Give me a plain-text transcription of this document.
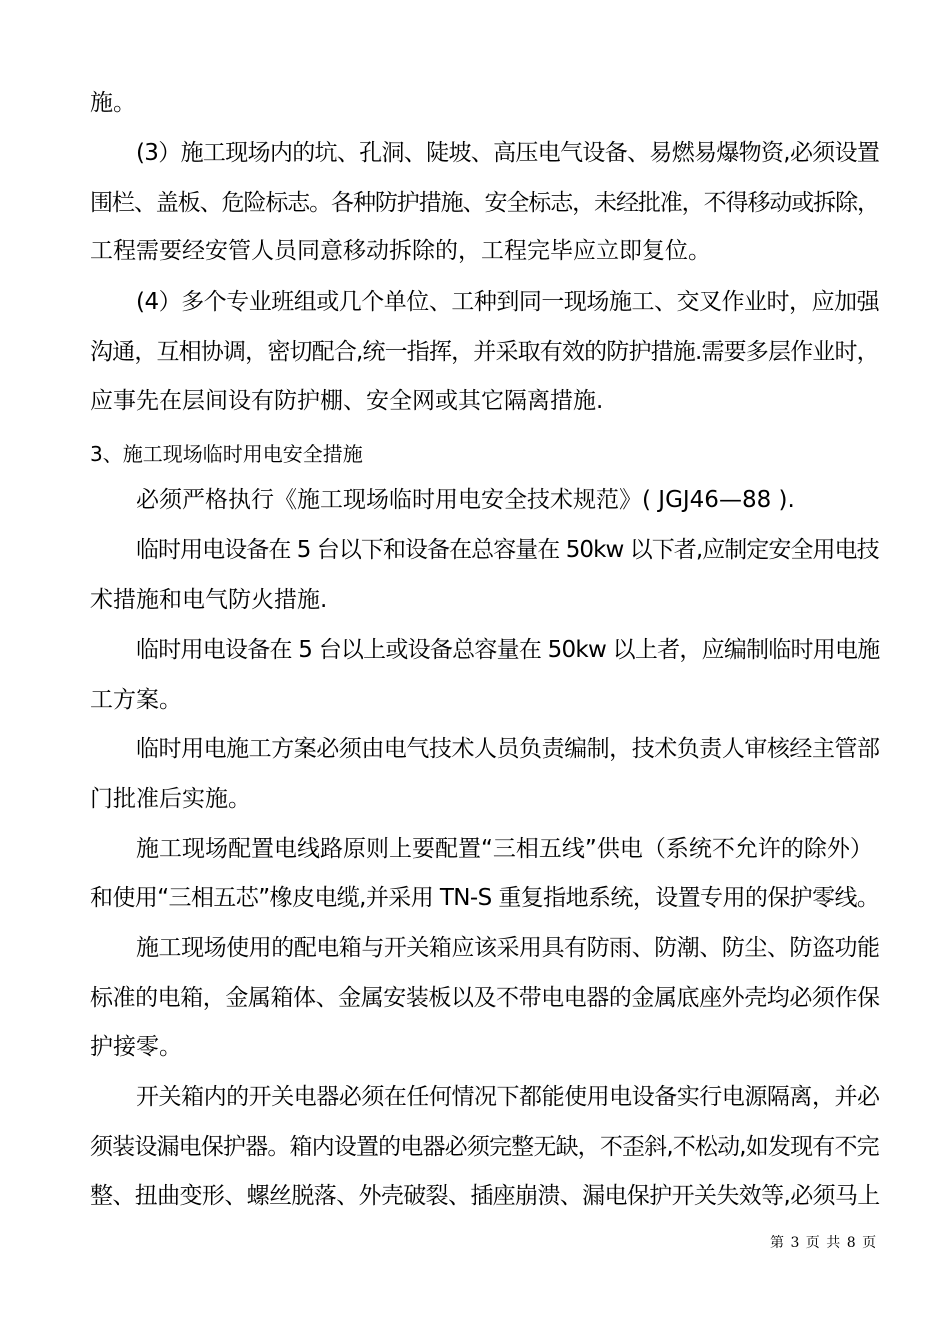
施。
(3）施工现场内的坑、孔洞、陡坡、高压电气设备、易燃易爆物资,必须设置
围栏、盖板、危险标志。各种防护措施、安全标志，未经批准，不得移动或拆除，
工程需要经安管人员同意移动拆除的，工程完毕应立即复位。
(4）多个专业班组或几个单位、工种到同一现场施工、交叉作业时，应加强
沟通，互相协调，密切配合,统一指挥，并采取有效的防护措施.需要多层作业时，
应事先在层间设有防护棚、安全网或其它隔离措施.
3、施工现场临时用电安全措施
必须严格执行《施工现场临时用电安全技术规范》( JGJ46—88 ).
临时用电设备在 5 台以下和设备在总容量在 50kw 以下者,应制定安全用电技
术措施和电气防火措施.
临时用电设备在 5 台以上或设备总容量在 50kw 以上者，应编制临时用电施
工方案。
临时用电施工方案必须由电气技术人员负责编制，技术负责人审核经主管部
门批准后实施。
施工现场配置电线路原则上要配置“三相五线”供电（系统不允许的除外）
和使用“三相五芯”橡皮电缆,并采用 TN-S 重复指地系统，设置专用的保护零线。
施工现场使用的配电箱与开关箱应该采用具有防雨、防潮、防尘、防盗功能
标准的电箱，金属箱体、金属安装板以及不带电电器的金属底座外壳均必须作保
护接零。
开关箱内的开关电器必须在任何情况下都能使用电设备实行电源隔离，并必
须装设漏电保护器。箱内设置的电器必须完整无缺，不歪斜,不松动,如发现有不完
整、扭曲变形、螺丝脱落、外壳破裂、插座崩溃、漏电保护开关失效等,必须马上
第 3 页 共 8 页
